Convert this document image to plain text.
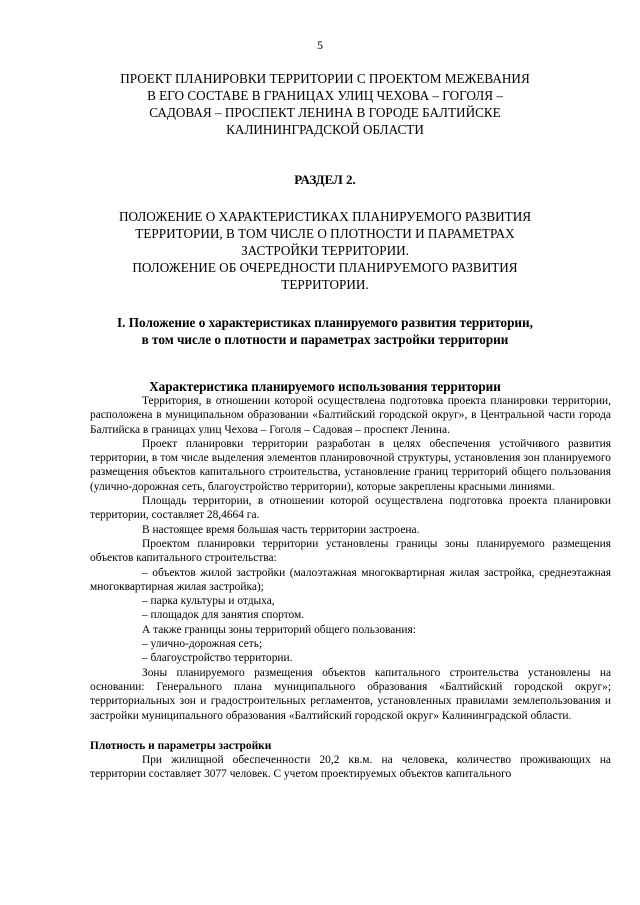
5
ПРОЕКТ ПЛАНИРОВКИ ТЕРРИТОРИИ С ПРОЕКТОМ МЕЖЕВАНИЯ
В ЕГО СОСТАВЕ В ГРАНИЦАХ УЛИЦ ЧЕХОВА – ГОГОЛЯ –
САДОВАЯ – ПРОСПЕКТ ЛЕНИНА В ГОРОДЕ БАЛТИЙСКЕ
КАЛИНИНГРАДСКОЙ ОБЛАСТИ
РАЗДЕЛ 2.
ПОЛОЖЕНИЕ О ХАРАКТЕРИСТИКАХ ПЛАНИРУЕМОГО РАЗВИТИЯ
ТЕРРИТОРИИ, В ТОМ ЧИСЛЕ О ПЛОТНОСТИ И ПАРАМЕТРАХ
ЗАСТРОЙКИ ТЕРРИТОРИИ.
ПОЛОЖЕНИЕ ОБ ОЧЕРЕДНОСТИ ПЛАНИРУЕМОГО РАЗВИТИЯ
ТЕРРИТОРИИ.
I. Положение о характеристиках планируемого развития территории,
в том числе о плотности и параметрах застройки территории
Характеристика планируемого использования территории

Территория, в отношении которой осуществлена подготовка проекта планировки территории, расположена в муниципальном образовании «Балтийский городской округ», в Центральной части города Балтийска в границах улиц Чехова – Гоголя – Садовая – проспект Ленина.

Проект планировки территории разработан в целях обеспечения устойчивого развития территории, в том числе выделения элементов планировочной структуры, установления зон планируемого размещения объектов капитального строительства, установление границ территорий общего пользования (улично-дорожная сеть, благоустройство территории), которые закреплены красными линиями.

Площадь территории, в отношении которой осуществлена подготовка проекта планировки территории, составляет 28,4664 га.

В настоящее время большая часть территории застроена.

Проектом планировки территории установлены границы зоны планируемого размещения объектов капитального строительства:

– объектов жилой застройки (малоэтажная многоквартирная жилая застройка, среднеэтажная многоквартирная жилая застройка);

– парка культуры и отдыха,

– площадок для занятия спортом.

А также границы зоны территорий общего пользования:

– улично-дорожная сеть;

– благоустройство территории.

Зоны планируемого размещения объектов капитального строительства установлены на основании: Генерального плана муниципального образования «Балтийский городской округ»; территориальных зон и градостроительных регламентов, установленных правилами землепользования и застройки муниципального образования «Балтийский городской округ» Калининградской области.

Плотность и параметры застройки

При жилищной обеспеченности 20,2 кв.м. на человека, количество проживающих на территории составляет 3077 человек. С учетом проектируемых объектов капитального
